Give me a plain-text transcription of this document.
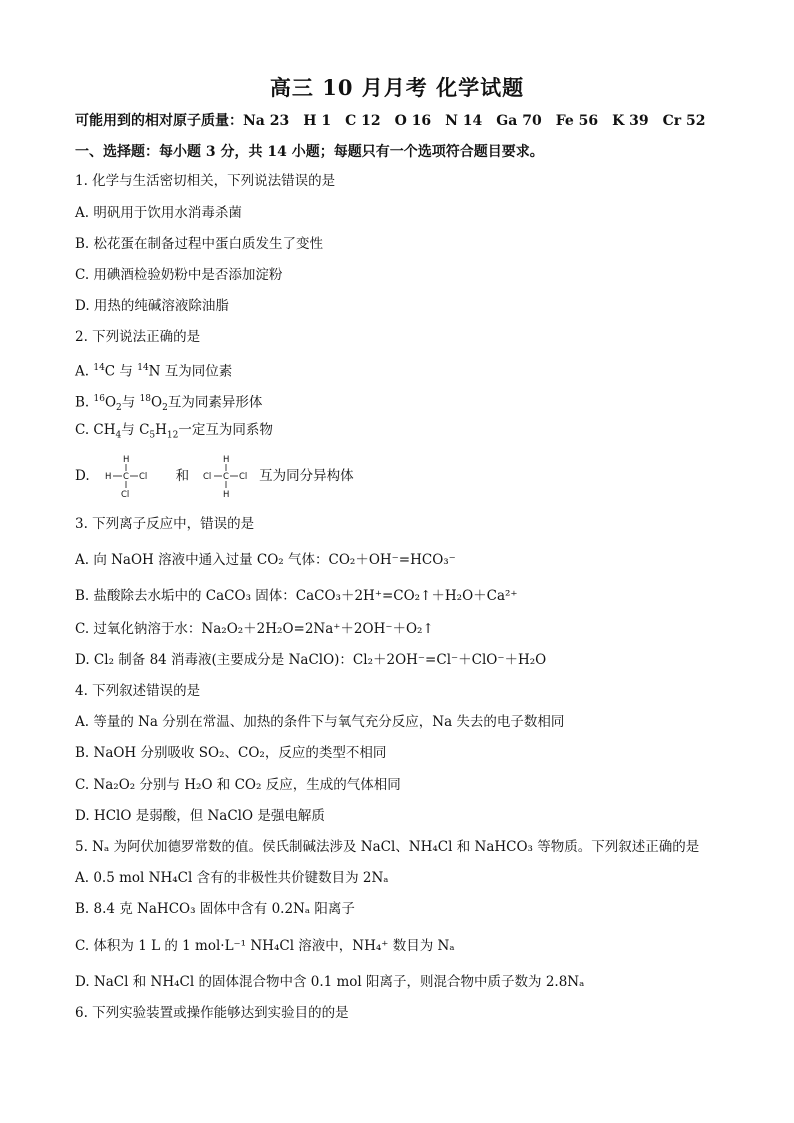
高三 10 月月考 化学试题
可能用到的相对原子质量：Na 23 H 1 C 12 O 16 N 14 Ga 70 Fe 56 K 39 Cr 52
一、选择题：每小题 3 分，共 14 小题；每题只有一个选项符合题目要求。
1. 化学与生活密切相关，下列说法错误的是
A. 明矾用于饮用水消毒杀菌
B. 松花蛋在制备过程中蛋白质发生了变性
C. 用碘酒检验奶粉中是否添加淀粉
D. 用热的纯碱溶液除油脂
2. 下列说法正确的是
A. $^{14}$C 与 $^{14}$N 互为同位素
B. $^{16}O_2$与 $^{18}O_2$互为同素异形体
C. $CH_4$与 $C_5H_{12}$一定互为同系物
D.
H
H C Cl
Cl
和
H
Cl C Cl
H
互为同分异构体
3. 下列离子反应中，错误的是
A. 向 NaOH 溶液中通入过量 CO₂ 气体：CO₂＋OH⁻=HCO₃⁻
B. 盐酸除去水垢中的 CaCO₃ 固体：CaCO₃＋2H⁺=CO₂↑＋H₂O＋Ca²⁺
C. 过氧化钠溶于水：Na₂O₂＋2H₂O=2Na⁺＋2OH⁻＋O₂↑
D. Cl₂ 制备 84 消毒液(主要成分是 NaClO)：Cl₂＋2OH⁻=Cl⁻＋ClO⁻＋H₂O
4. 下列叙述错误的是
A. 等量的 Na 分别在常温、加热的条件下与氧气充分反应，Na 失去的电子数相同
B. NaOH 分别吸收 SO₂、CO₂，反应的类型不相同
C. Na₂O₂ 分别与 H₂O 和 CO₂ 反应，生成的气体相同
D. HClO 是弱酸，但 NaClO 是强电解质
5. Nₐ 为阿伏加德罗常数的值。侯氏制碱法涉及 NaCl、NH₄Cl 和 NaHCO₃ 等物质。下列叙述正确的是
A. 0.5 mol NH₄Cl 含有的非极性共价键数目为 2Nₐ
B. 8.4 克 NaHCO₃ 固体中含有 0.2Nₐ 阳离子
C. 体积为 1 L 的 1 mol·L⁻¹ NH₄Cl 溶液中，NH₄⁺ 数目为 Nₐ
D. NaCl 和 NH₄Cl 的固体混合物中含 0.1 mol 阳离子，则混合物中质子数为 2.8Nₐ
6. 下列实验装置或操作能够达到实验目的的是
